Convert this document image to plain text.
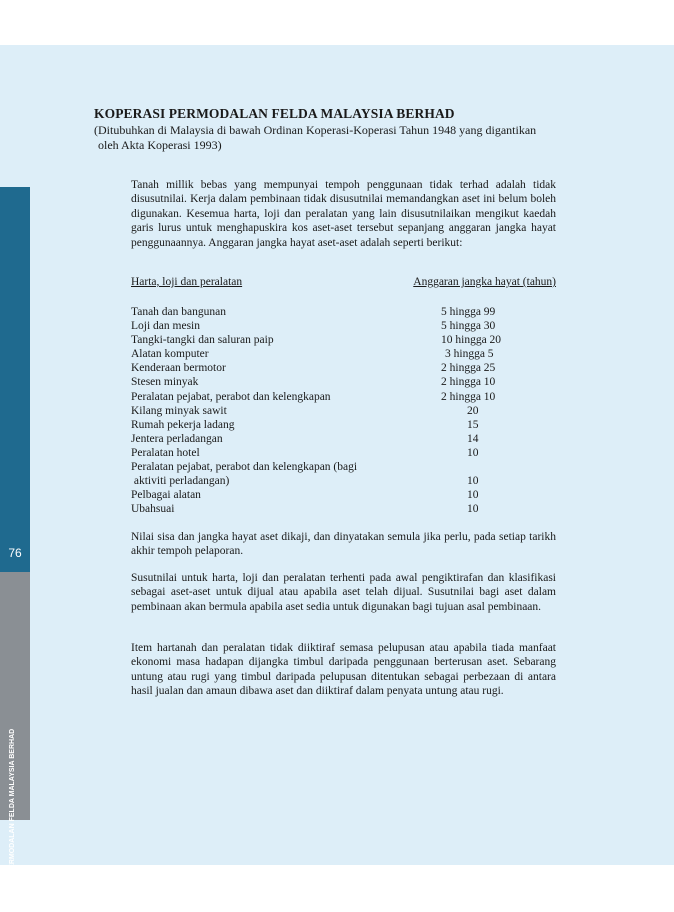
76
KOPERASI PERMODALAN FELDA MALAYSIA BERHAD
KOPERASI PERMODALAN FELDA MALAYSIA BERHAD
(Ditubuhkan di Malaysia di bawah Ordinan Koperasi-Koperasi Tahun 1948 yang digantikan
oleh Akta Koperasi 1993)

Tanah millik bebas yang mempunyai tempoh penggunaan tidak terhad adalah tidak disusutnilai. Kerja dalam pembinaan tidak disusutnilai memandangkan aset ini belum boleh digunakan. Kesemua harta, loji dan peralatan yang lain disusutnilaikan mengikut kaedah garis lurus untuk menghapuskira kos aset-aset tersebut sepanjang anggaran jangka hayat penggunaannya. Anggaran jangka hayat aset-aset adalah seperti berikut:

Harta, loji dan peralatan	Anggaran jangka hayat (tahun)
Tanah dan bangunan	5 hingga 99
Loji dan mesin	5 hingga 30
Tangki-tangki dan saluran paip	10 hingga 20
Alatan komputer	3 hingga 5
Kenderaan bermotor	2 hingga 25
Stesen minyak	2 hingga 10
Peralatan pejabat, perabot dan kelengkapan	2 hingga 10
Kilang minyak sawit	20
Rumah pekerja ladang	15
Jentera perladangan	14
Peralatan hotel	10
Peralatan pejabat, perabot dan kelengkapan (bagi
aktiviti perladangan)	10
Pelbagai alatan	10
Ubahsuai	10

Nilai sisa dan jangka hayat aset dikaji, dan dinyatakan semula jika perlu, pada setiap tarikh akhir tempoh pelaporan.

Susutnilai untuk harta, loji dan peralatan terhenti pada awal pengiktirafan dan klasifikasi sebagai aset-aset untuk dijual atau apabila aset telah dijual. Susutnilai bagi aset dalam pembinaan akan bermula apabila aset sedia untuk digunakan bagi tujuan asal pembinaan.

Item hartanah dan peralatan tidak diiktiraf semasa pelupusan atau apabila tiada manfaat ekonomi masa hadapan dijangka timbul daripada penggunaan berterusan aset. Sebarang untung atau rugi yang timbul daripada pelupusan ditentukan sebagai perbezaan di antara hasil jualan dan amaun dibawa aset dan diiktiraf dalam penyata untung atau rugi.
